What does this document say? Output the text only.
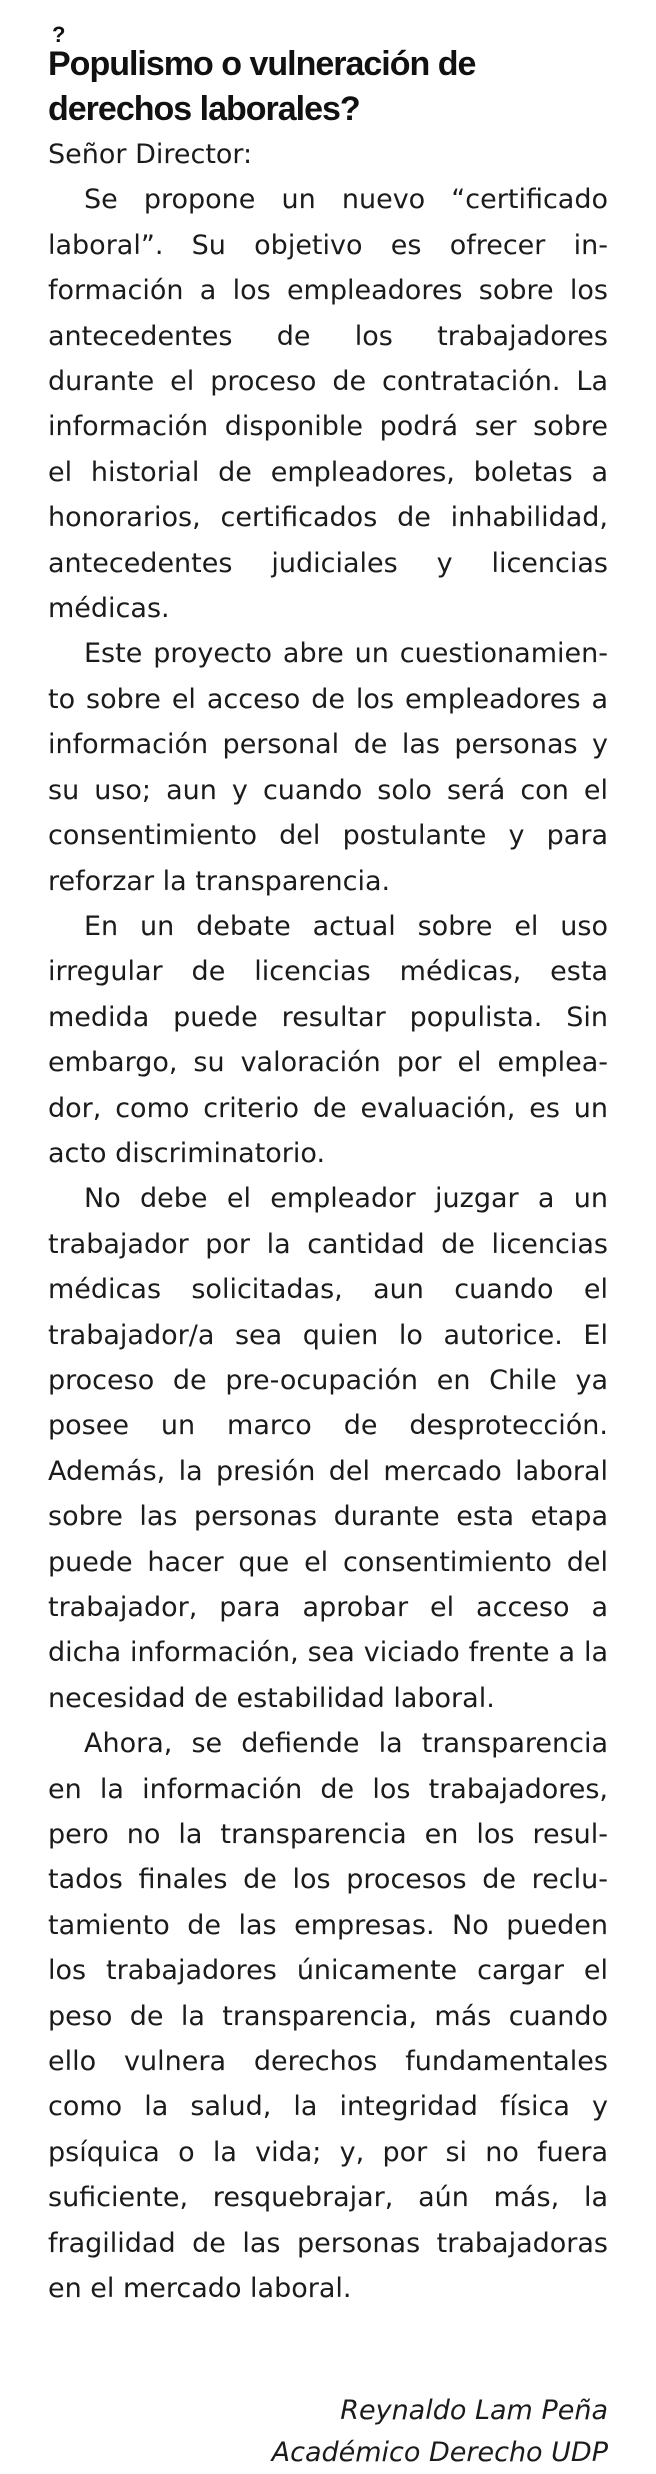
?
Populismo o vulneración de derechos laborales?

Señor Director:

Se propone un nuevo “certificado laboral”. Su objetivo es ofrecer información a los empleadores sobre los antecedentes de los trabajadores durante el proceso de contratación. La información disponible podrá ser sobre el historial de empleadores, boletas a honorarios, certificados de inhabilidad, antecedentes judiciales y licencias médicas.

Este proyecto abre un cuestionamiento sobre el acceso de los empleadores a información personal de las personas y su uso; aun y cuando solo será con el consentimiento del postulante y para reforzar la transparencia.

En un debate actual sobre el uso irregular de licencias médicas, esta medida puede resultar populista. Sin embargo, su valoración por el empleador, como criterio de evaluación, es un acto discriminatorio.

No debe el empleador juzgar a un trabajador por la cantidad de licencias médicas solicitadas, aun cuando el trabajador/a sea quien lo autorice. El proceso de pre-ocupación en Chile ya posee un marco de desprotección. Además, la presión del mercado laboral sobre las personas durante esta etapa puede hacer que el consentimiento del trabajador, para aprobar el acceso a dicha información, sea viciado frente a la necesidad de estabilidad laboral.

Ahora, se defiende la transparencia en la información de los trabajadores, pero no la transparencia en los resultados finales de los procesos de reclutamiento de las empresas. No pueden los trabajadores únicamente cargar el peso de la transparencia, más cuando ello vulnera derechos fundamentales como la salud, la integridad física y psíquica o la vida; y, por si no fuera suficiente, resquebrajar, aún más, la fragilidad de las personas trabajadoras en el mercado laboral.

Reynaldo Lam Peña
Académico Derecho UDP
